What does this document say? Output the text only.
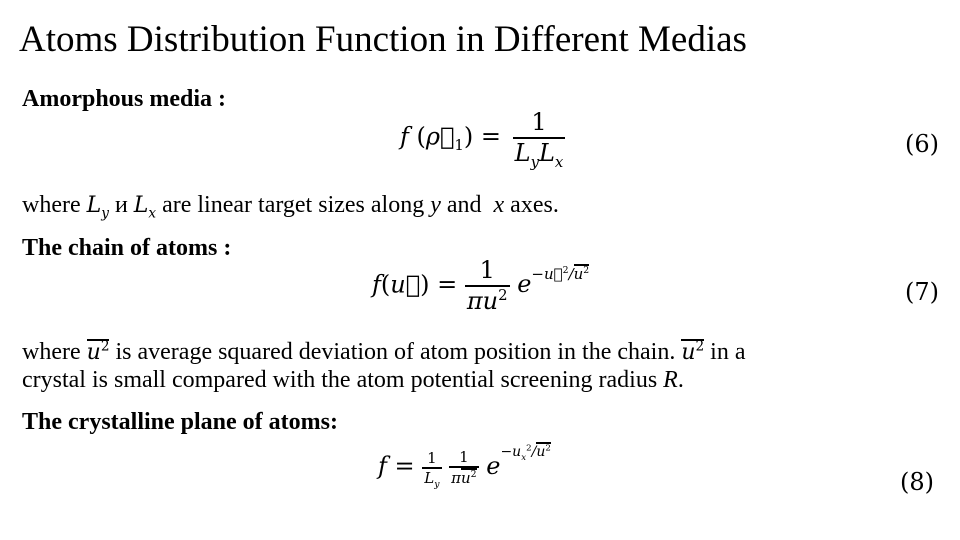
Atoms Distribution Function in Different Medias
Amorphous media :
f $(\rho⃗_1) = \frac{1}{L_yL_x}$	(6)
where $L_y$ и $L_x$ are linear target sizes along y and x axes.
The chain of atoms :
f(u⃗) = $\frac{1}{\pi u^2}$
$e -u⃗^2/u^2$
(7)
where $u^2$ is average squared deviation of atom position in the chain. $u^2$ in a
crystal is small compared with the atom potential screening radius R.
The crystalline plane of atoms:
$f = \frac{1}{L_y}$
$\frac{1}{\pi u^2}$
$e -u_x^2/u^2$
(8)
